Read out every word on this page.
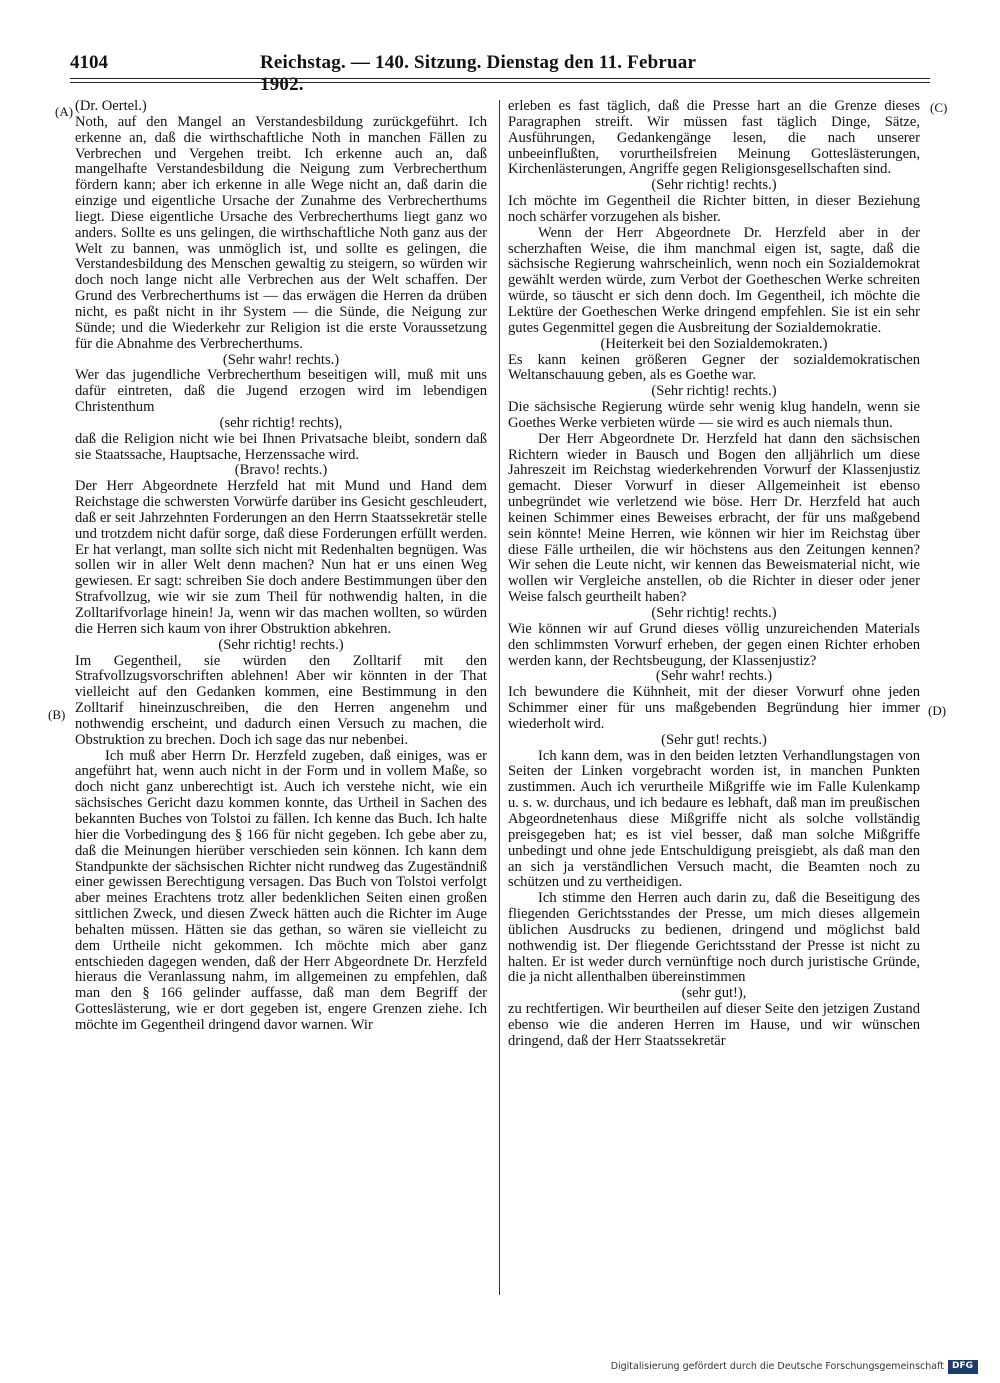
4104	Reichstag. — 140. Sitzung. Dienstag den 11. Februar 1902.
(A)
(B)
(C)
(D)

(Dr. Oertel.)

Noth, auf den Mangel an Verstandesbildung zurückgeführt. Ich erkenne an, daß die wirthschaftliche Noth in manchen Fällen zu Verbrechen und Vergehen treibt. Ich erkenne auch an, daß mangelhafte Verstandesbildung die Neigung zum Verbrecherthum fördern kann; aber ich erkenne in alle Wege nicht an, daß darin die einzige und eigentliche Ursache der Zunahme des Verbrecherthums liegt. Diese eigentliche Ursache des Verbrecherthums liegt ganz wo anders. Sollte es uns gelingen, die wirthschaftliche Noth ganz aus der Welt zu bannen, was unmöglich ist, und sollte es gelingen, die Verstandesbildung des Menschen gewaltig zu steigern, so würden wir doch noch lange nicht alle Verbrechen aus der Welt schaffen. Der Grund des Verbrecherthums ist — das erwägen die Herren da drüben nicht, es paßt nicht in ihr System — die Sünde, die Neigung zur Sünde; und die Wiederkehr zur Religion ist die erste Voraussetzung für die Abnahme des Verbrecherthums.

(Sehr wahr! rechts.)

Wer das jugendliche Verbrecherthum beseitigen will, muß mit uns dafür eintreten, daß die Jugend erzogen wird im lebendigen Christenthum

(sehr richtig! rechts),

daß die Religion nicht wie bei Ihnen Privatsache bleibt, sondern daß sie Staatssache, Hauptsache, Herzenssache wird.

(Bravo! rechts.)

Der Herr Abgeordnete Herzfeld hat mit Mund und Hand dem Reichstage die schwersten Vorwürfe darüber ins Gesicht geschleudert, daß er seit Jahrzehnten Forderungen an den Herrn Staatssekretär stelle und trotzdem nicht dafür sorge, daß diese Forderungen erfüllt werden. Er hat verlangt, man sollte sich nicht mit Redenhalten begnügen. Was sollen wir in aller Welt denn machen? Nun hat er uns einen Weg gewiesen. Er sagt: schreiben Sie doch andere Bestimmungen über den Strafvollzug, wie wir sie zum Theil für nothwendig halten, in die Zolltarifvorlage hinein! Ja, wenn wir das machen wollten, so würden die Herren sich kaum von ihrer Obstruktion abkehren.

(Sehr richtig! rechts.)

Im Gegentheil, sie würden den Zolltarif mit den Strafvollzugsvorschriften ablehnen! Aber wir könnten in der That vielleicht auf den Gedanken kommen, eine Bestimmung in den Zolltarif hineinzuschreiben, die den Herren angenehm und nothwendig erscheint, und dadurch einen Versuch zu machen, die Obstruktion zu brechen. Doch ich sage das nur nebenbei.

Ich muß aber Herrn Dr. Herzfeld zugeben, daß einiges, was er angeführt hat, wenn auch nicht in der Form und in vollem Maße, so doch nicht ganz unberechtigt ist. Auch ich verstehe nicht, wie ein sächsisches Gericht dazu kommen konnte, das Urtheil in Sachen des bekannten Buches von Tolstoi zu fällen. Ich kenne das Buch. Ich halte hier die Vorbedingung des § 166 für nicht gegeben. Ich gebe aber zu, daß die Meinungen hierüber verschieden sein können. Ich kann dem Standpunkte der sächsischen Richter nicht rundweg das Zugeständniß einer gewissen Berechtigung versagen. Das Buch von Tolstoi verfolgt aber meines Erachtens trotz aller bedenklichen Seiten einen großen sittlichen Zweck, und diesen Zweck hätten auch die Richter im Auge behalten müssen. Hätten sie das gethan, so wären sie vielleicht zu dem Urtheile nicht gekommen. Ich möchte mich aber ganz entschieden dagegen wenden, daß der Herr Abgeordnete Dr. Herzfeld hieraus die Veranlassung nahm, im allgemeinen zu empfehlen, daß man den § 166 gelinder auffasse, daß man dem Begriff der Gotteslästerung, wie er dort gegeben ist, engere Grenzen ziehe. Ich möchte im Gegentheil dringend davor warnen. Wir

erleben es fast täglich, daß die Presse hart an die Grenze dieses Paragraphen streift. Wir müssen fast täglich Dinge, Sätze, Ausführungen, Gedankengänge lesen, die nach unserer unbeeinflußten, vorurtheilsfreien Meinung Gotteslästerungen, Kirchenlästerungen, Angriffe gegen Religionsgesellschaften sind.

(Sehr richtig! rechts.)

Ich möchte im Gegentheil die Richter bitten, in dieser Beziehung noch schärfer vorzugehen als bisher.

Wenn der Herr Abgeordnete Dr. Herzfeld aber in der scherzhaften Weise, die ihm manchmal eigen ist, sagte, daß die sächsische Regierung wahrscheinlich, wenn noch ein Sozialdemokrat gewählt werden würde, zum Verbot der Goetheschen Werke schreiten würde, so täuscht er sich denn doch. Im Gegentheil, ich möchte die Lektüre der Goetheschen Werke dringend empfehlen. Sie ist ein sehr gutes Gegenmittel gegen die Ausbreitung der Sozialdemokratie.

(Heiterkeit bei den Sozialdemokraten.)

Es kann keinen größeren Gegner der sozialdemokratischen Weltanschauung geben, als es Goethe war.

(Sehr richtig! rechts.)

Die sächsische Regierung würde sehr wenig klug handeln, wenn sie Goethes Werke verbieten würde — sie wird es auch niemals thun.

Der Herr Abgeordnete Dr. Herzfeld hat dann den sächsischen Richtern wieder in Bausch und Bogen den alljährlich um diese Jahreszeit im Reichstag wiederkehrenden Vorwurf der Klassenjustiz gemacht. Dieser Vorwurf in dieser Allgemeinheit ist ebenso unbegründet wie verletzend wie böse. Herr Dr. Herzfeld hat auch keinen Schimmer eines Beweises erbracht, der für uns maßgebend sein könnte! Meine Herren, wie können wir hier im Reichstag über diese Fälle urtheilen, die wir höchstens aus den Zeitungen kennen? Wir sehen die Leute nicht, wir kennen das Beweismaterial nicht, wie wollen wir Vergleiche anstellen, ob die Richter in dieser oder jener Weise falsch geurtheilt haben?

(Sehr richtig! rechts.)

Wie können wir auf Grund dieses völlig unzureichenden Materials den schlimmsten Vorwurf erheben, der gegen einen Richter erhoben werden kann, der Rechtsbeugung, der Klassenjustiz?

(Sehr wahr! rechts.)

Ich bewundere die Kühnheit, mit der dieser Vorwurf ohne jeden Schimmer einer für uns maßgebenden Begründung hier immer wiederholt wird.

(Sehr gut! rechts.)

Ich kann dem, was in den beiden letzten Verhandlungstagen von Seiten der Linken vorgebracht worden ist, in manchen Punkten zustimmen. Auch ich verurtheile Mißgriffe wie im Falle Kulenkamp u. s. w. durchaus, und ich bedaure es lebhaft, daß man im preußischen Abgeordnetenhaus diese Mißgriffe nicht als solche vollständig preisgegeben hat; es ist viel besser, daß man solche Mißgriffe unbedingt und ohne jede Entschuldigung preisgiebt, als daß man den an sich ja verständlichen Versuch macht, die Beamten noch zu schützen und zu vertheidigen.

Ich stimme den Herren auch darin zu, daß die Beseitigung des fliegenden Gerichtsstandes der Presse, um mich dieses allgemein üblichen Ausdrucks zu bedienen, dringend und möglichst bald nothwendig ist. Der fliegende Gerichtsstand der Presse ist nicht zu halten. Er ist weder durch vernünftige noch durch juristische Gründe, die ja nicht allenthalben übereinstimmen

(sehr gut!),

zu rechtfertigen. Wir beurtheilen auf dieser Seite den jetzigen Zustand ebenso wie die anderen Herren im Hause, und wir wünschen dringend, daß der Herr Staatssekretär

Digitalisierung gefördert durch die Deutsche Forschungsgemeinschaft DFG
